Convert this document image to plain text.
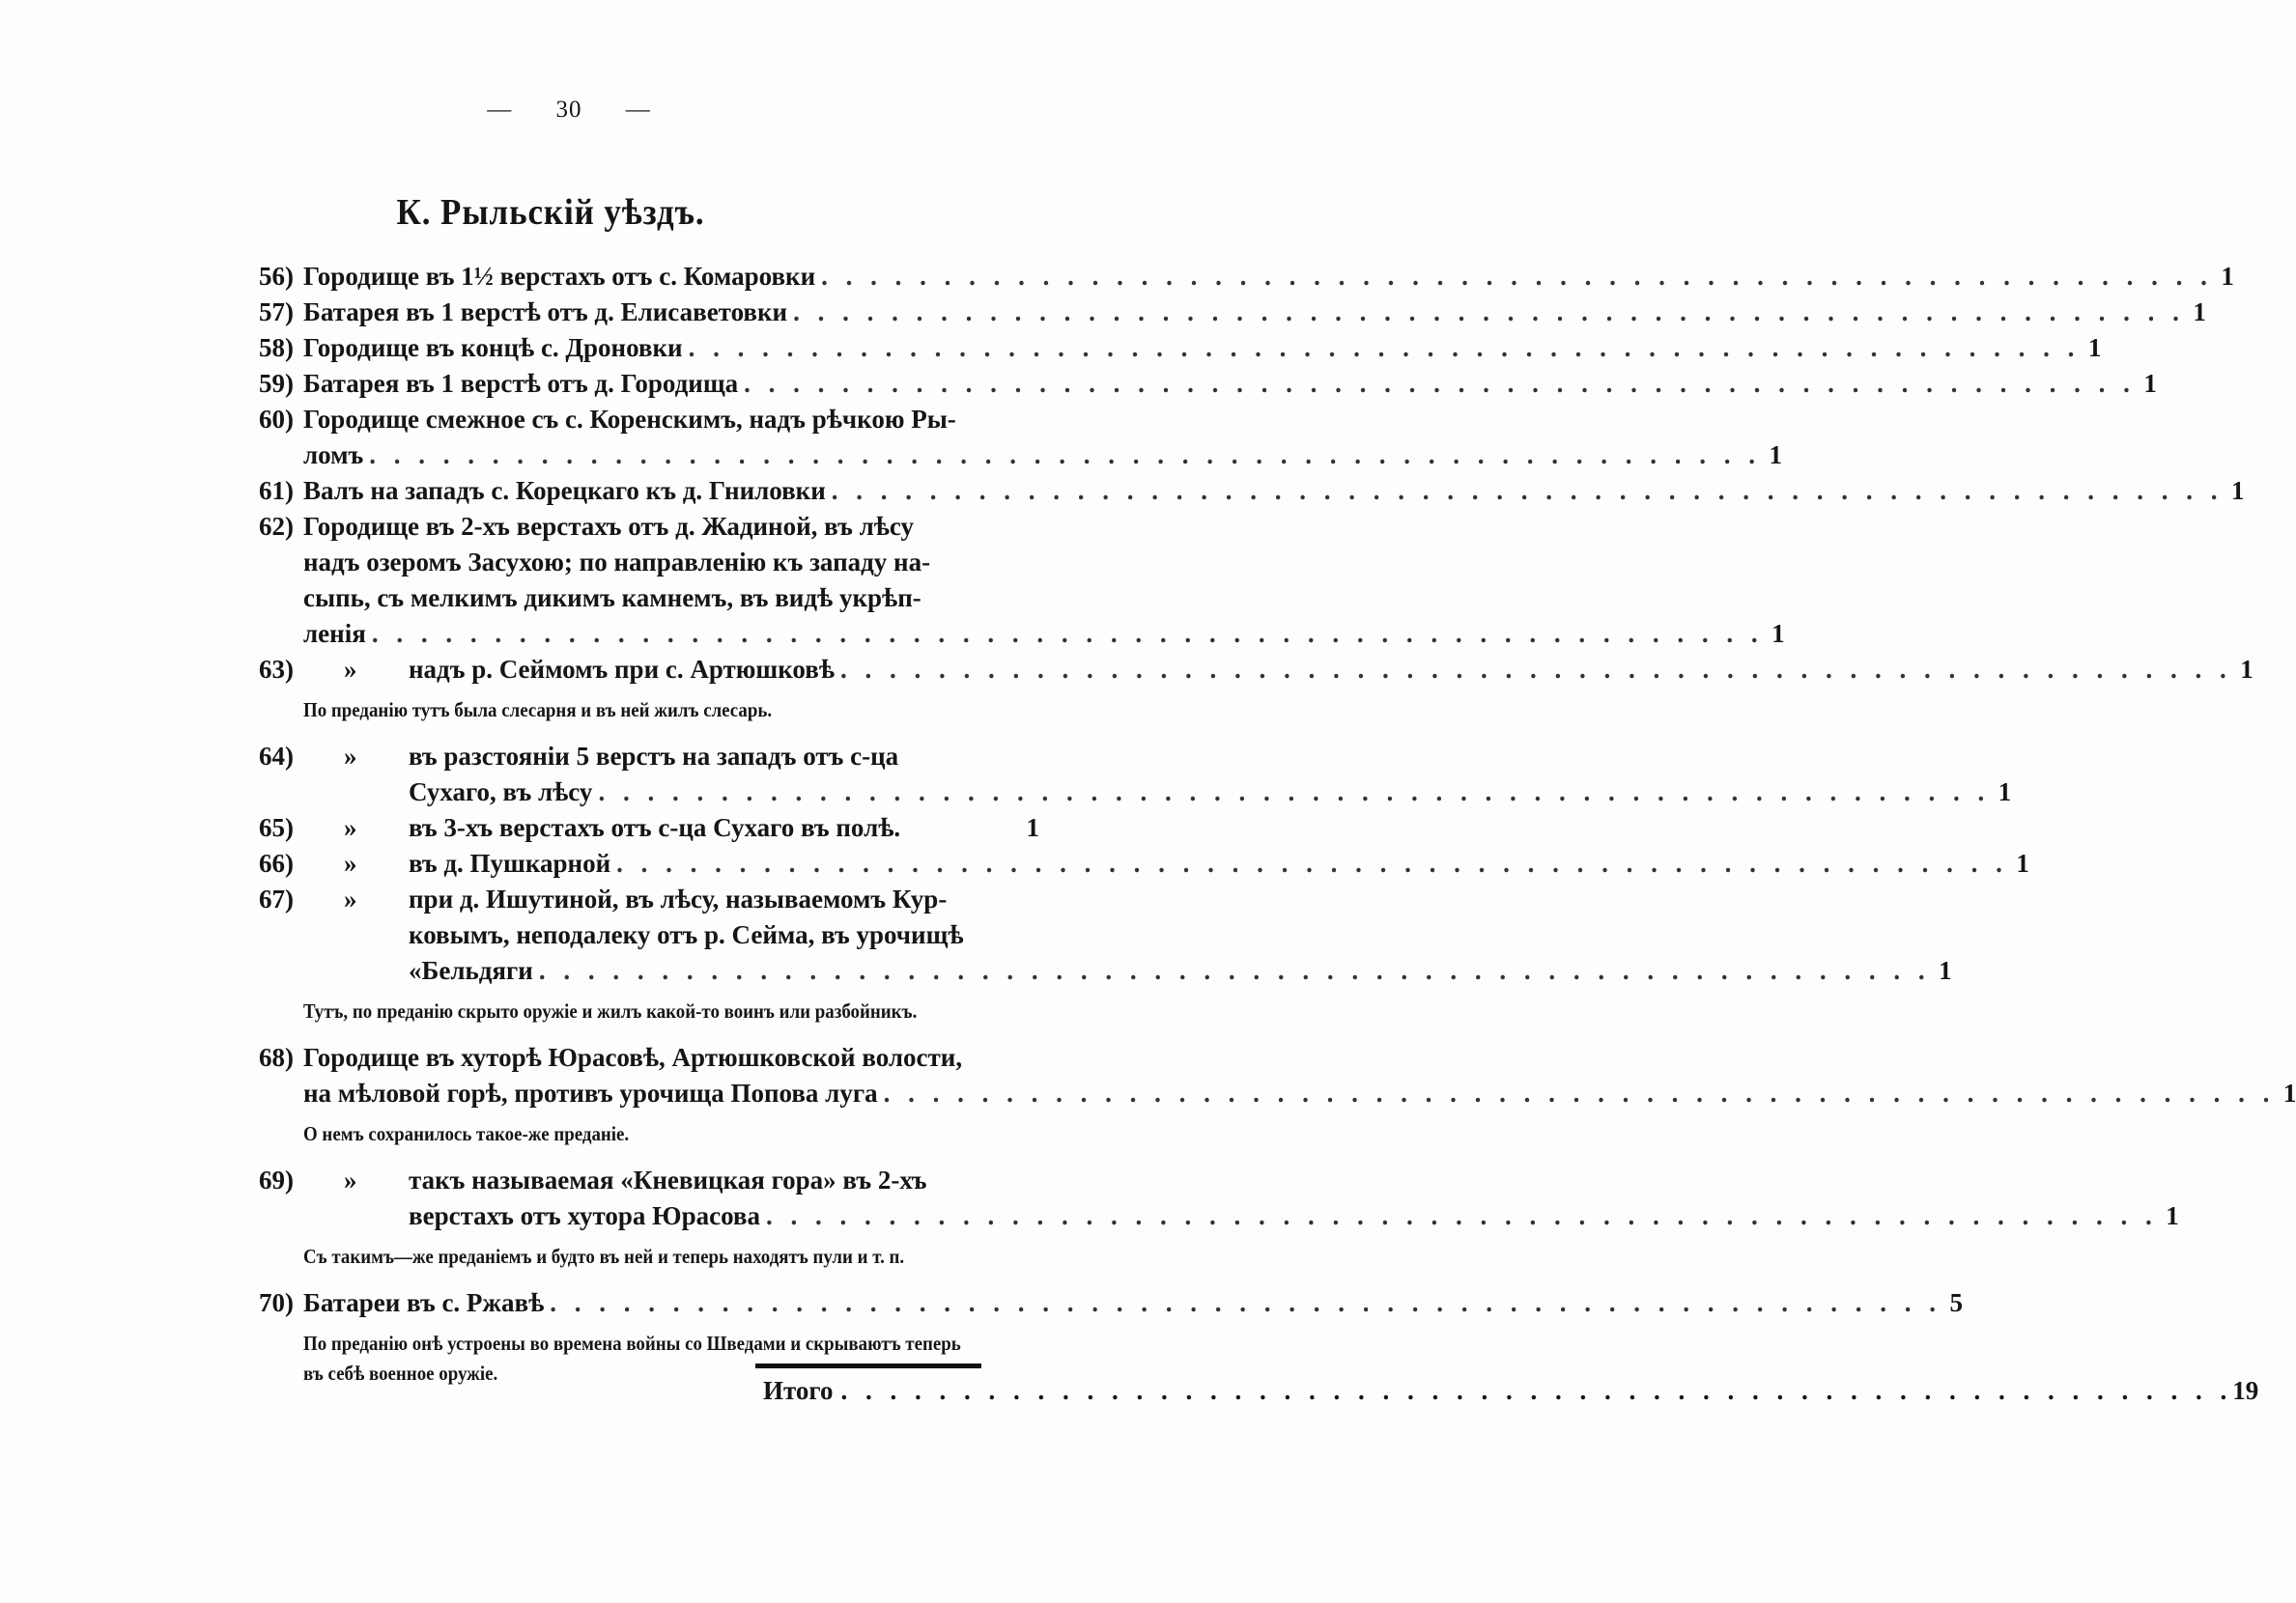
— 30 —
К. Рыльскій уѣздъ.
56) Городище въ 1½ верстахъ отъ с. Комаровки . . . . . . . . . . . . . . . . . . . . . . . . . . . . . . . . . . . . . . . . . . . . . . . . . . . . . . . . . 1
57) Батарея въ 1 верстѣ отъ д. Елисаветовки . . . . . . . . . . . . . . . . . . . . . . . . . . . . . . . . . . . . . . . . . . . . . . . . . . . . . . . . . 1
58) Городище въ концѣ с. Дроновки . . . . . . . . . . . . . . . . . . . . . . . . . . . . . . . . . . . . . . . . . . . . . . . . . . . . . . . . . 1
59) Батарея въ 1 верстѣ отъ д. Городища . . . . . . . . . . . . . . . . . . . . . . . . . . . . . . . . . . . . . . . . . . . . . . . . . . . . . . . . . 1
60) Городище смежное съ с. Коренскимъ, надъ рѣчкою Ры-
ломъ . . . . . . . . . . . . . . . . . . . . . . . . . . . . . . . . . . . . . . . . . . . . . . . . . . . . . . . . . 1
61) Валъ на западъ с. Корецкаго къ д. Гниловки . . . . . . . . . . . . . . . . . . . . . . . . . . . . . . . . . . . . . . . . . . . . . . . . . . . . . . . . . 1
62) Городище въ 2-хъ верстахъ отъ д. Жадиной, въ лѣсу
надъ озеромъ Засухою; по направленію къ западу на-
сыпь, съ мелкимъ дикимъ камнемъ, въ видѣ укрѣп-
ленія . . . . . . . . . . . . . . . . . . . . . . . . . . . . . . . . . . . . . . . . . . . . . . . . . . . . . . . . . 1
63) » надъ р. Сеймомъ при с. Артюшковѣ . . . . . . . . . . . . . . . . . . . . . . . . . . . . . . . . . . . . . . . . . . . . . . . . . . . . . . . . . 1
По преданію тутъ была слесарня и въ ней жилъ слесарь.
64) » въ разстояніи 5 верстъ на западъ отъ с-ца
Сухаго, въ лѣсу . . . . . . . . . . . . . . . . . . . . . . . . . . . . . . . . . . . . . . . . . . . . . . . . . . . . . . . . . 1
65) » въ 3-хъ верстахъ отъ с-ца Сухаго въ полѣ.	1
66) » въ д. Пушкарной . . . . . . . . . . . . . . . . . . . . . . . . . . . . . . . . . . . . . . . . . . . . . . . . . . . . . . . . . 1
67) » при д. Ишутиной, въ лѣсу, называемомъ Кур-
ковымъ, неподалеку отъ р. Сейма, въ урочищѣ
«Бельдяги . . . . . . . . . . . . . . . . . . . . . . . . . . . . . . . . . . . . . . . . . . . . . . . . . . . . . . . . . 1
Тутъ, по преданію скрыто оружіе и жилъ какой-то воинъ или разбойникъ.
68) Городище въ хуторѣ Юрасовѣ, Артюшковской волости,
на мѣловой горѣ, противъ урочища Попова луга . . . . . . . . . . . . . . . . . . . . . . . . . . . . . . . . . . . . . . . . . . . . . . . . . . . . . . . . . 1
О немъ сохранилось такое-же преданіе.
69) » такъ называемая «Кневицкая гора» въ 2-хъ
верстахъ отъ хутора Юрасова . . . . . . . . . . . . . . . . . . . . . . . . . . . . . . . . . . . . . . . . . . . . . . . . . . . . . . . . . 1
Съ такимъ—же преданіемъ и будто въ ней и теперь находятъ пули и т. п.
70) Батареи въ с. Ржавѣ . . . . . . . . . . . . . . . . . . . . . . . . . . . . . . . . . . . . . . . . . . . . . . . . . . . . . . . . . 5
По преданію онѣ устроены во времена войны со Шведами и скрываютъ теперь въ себѣ военное оружіе.
Итого . . . . . . . . . . . . . . . . . . . . . . . . . . . . . . . . . . . . . . . . . . . . . . . . . . . . . . . . . 19
